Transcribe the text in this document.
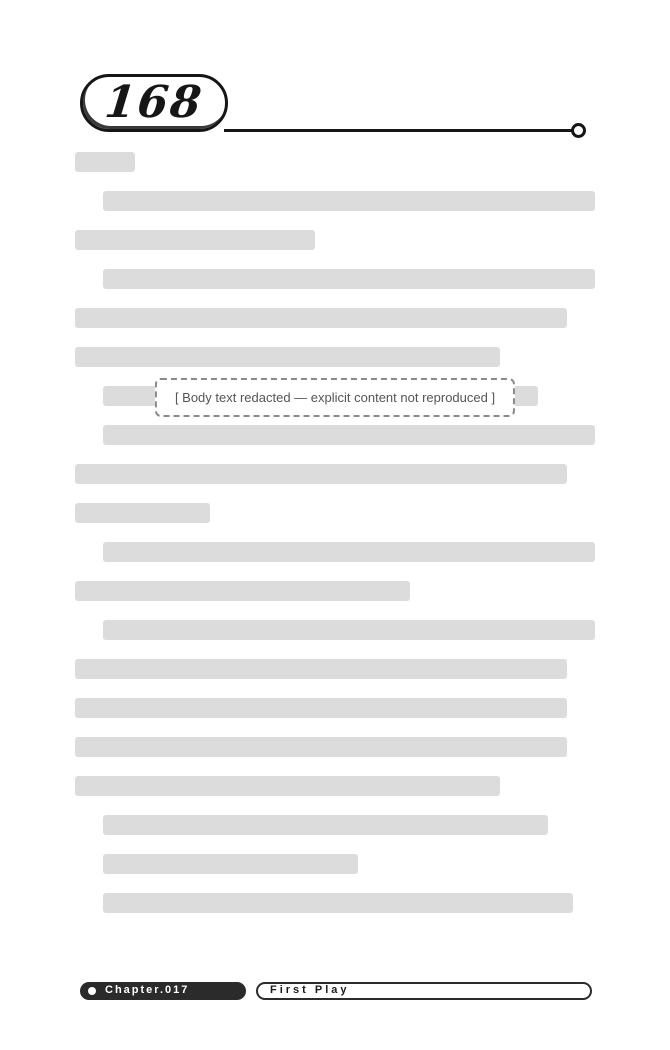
168
[ Body text redacted — explicit content not reproduced ]
Chapter.017	First Play
